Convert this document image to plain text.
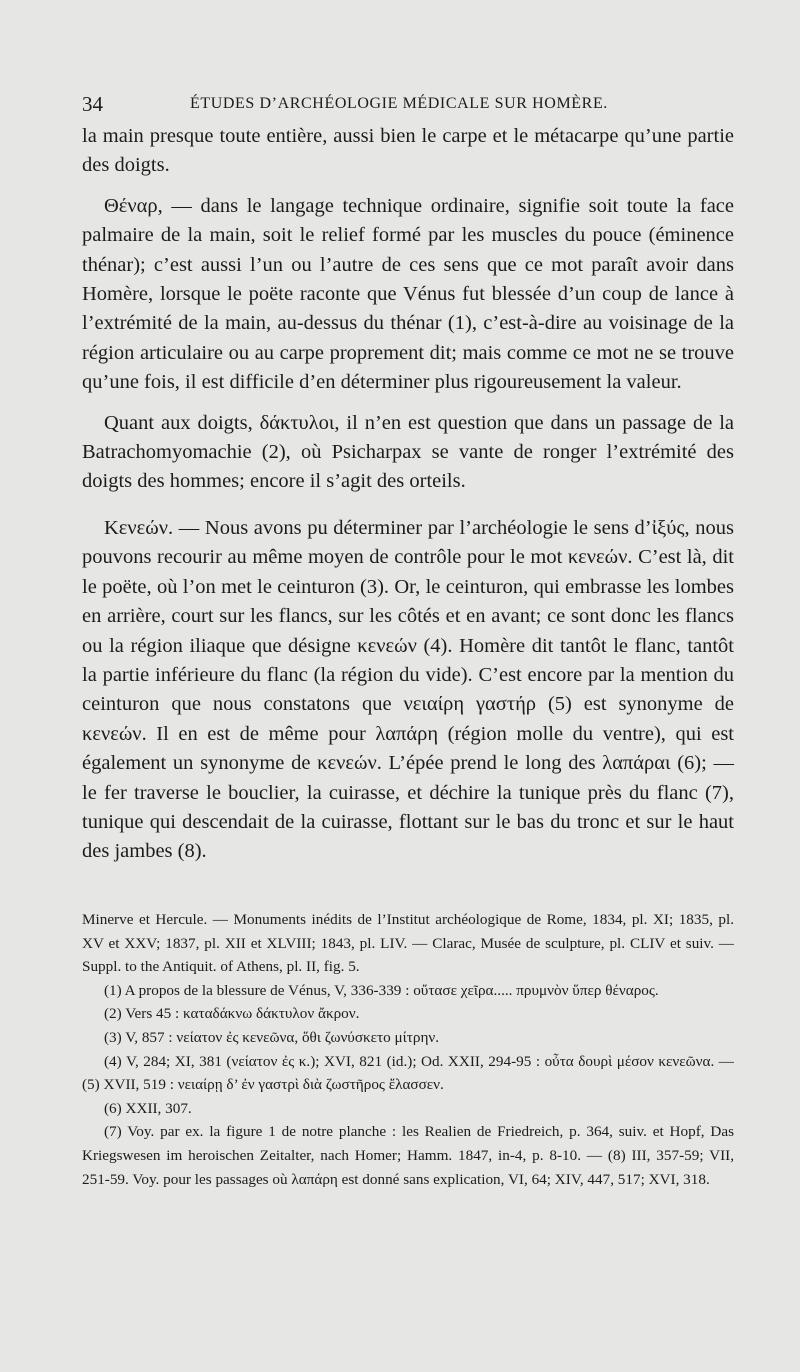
34	ÉTUDES D’ARCHÉOLOGIE MÉDICALE SUR HOMÈRE.

la main presque toute entière, aussi bien le carpe et le métacarpe qu’une partie des doigts.

Θέναρ, — dans le langage technique ordinaire, signifie soit toute la face palmaire de la main, soit le relief formé par les muscles du pouce (éminence thénar); c’est aussi l’un ou l’autre de ces sens que ce mot paraît avoir dans Homère, lorsque le poëte raconte que Vénus fut blessée d’un coup de lance à l’extrémité de la main, au-dessus du thénar (1), c’est-à-dire au voisinage de la région articulaire ou au carpe proprement dit; mais comme ce mot ne se trouve qu’une fois, il est difficile d’en déterminer plus rigoureusement la valeur.

Quant aux doigts, δάκτυλοι, il n’en est question que dans un passage de la Batrachomyomachie (2), où Psicharpax se vante de ronger l’extrémité des doigts des hommes; encore il s’agit des orteils.

Κενεών. — Nous avons pu déterminer par l’archéologie le sens d’ἰξύς, nous pouvons recourir au même moyen de contrôle pour le mot κενεών. C’est là, dit le poëte, où l’on met le ceinturon (3). Or, le ceinturon, qui embrasse les lombes en arrière, court sur les flancs, sur les côtés et en avant; ce sont donc les flancs ou la région iliaque que désigne κενεών (4). Homère dit tantôt le flanc, tantôt la partie inférieure du flanc (la région du vide). C’est encore par la mention du ceinturon que nous constatons que νειαίρη γαστήρ (5) est synonyme de κενεών. Il en est de même pour λαπάρη (région molle du ventre), qui est également un synonyme de κενεών. L’épée prend le long des λαπάραι (6); — le fer traverse le bouclier, la cuirasse, et déchire la tunique près du flanc (7), tunique qui descendait de la cuirasse, flottant sur le bas du tronc et sur le haut des jambes (8).

Minerve et Hercule. — Monuments inédits de l’Institut archéologique de Rome, 1834, pl. XI; 1835, pl. XV et XXV; 1837, pl. XII et XLVIII; 1843, pl. LIV. — Clarac, Musée de sculpture, pl. CLIV et suiv. — Suppl. to the Antiquit. of Athens, pl. II, fig. 5.

(1) A propos de la blessure de Vénus, V, 336-339 : οὔτασε χεῖρα..... πρυμνὸν ὕπερ θέναρος.

(2) Vers 45 : καταδάκνω δάκτυλον ἄκρον.

(3) V, 857 : νείατον ἐς κενεῶνα, ὅθι ζωνύσκετο μίτρην.

(4) V, 284; XI, 381 (νείατον ἐς κ.); XVI, 821 (id.); Od. XXII, 294-95 : οὖτα δουρὶ μέσον κενεῶνα. — (5) XVII, 519 : νειαίρῃ δ’ ἐν γαστρὶ διὰ ζωστῆρος ἔλασσεν.

(6) XXII, 307.

(7) Voy. par ex. la figure 1 de notre planche : les Realien de Friedreich, p. 364, suiv. et Hopf, Das Kriegswesen im heroischen Zeitalter, nach Homer; Hamm. 1847, in-4, p. 8-10. — (8) III, 357-59; VII, 251-59. Voy. pour les passages où λαπάρη est donné sans explication, VI, 64; XIV, 447, 517; XVI, 318.
